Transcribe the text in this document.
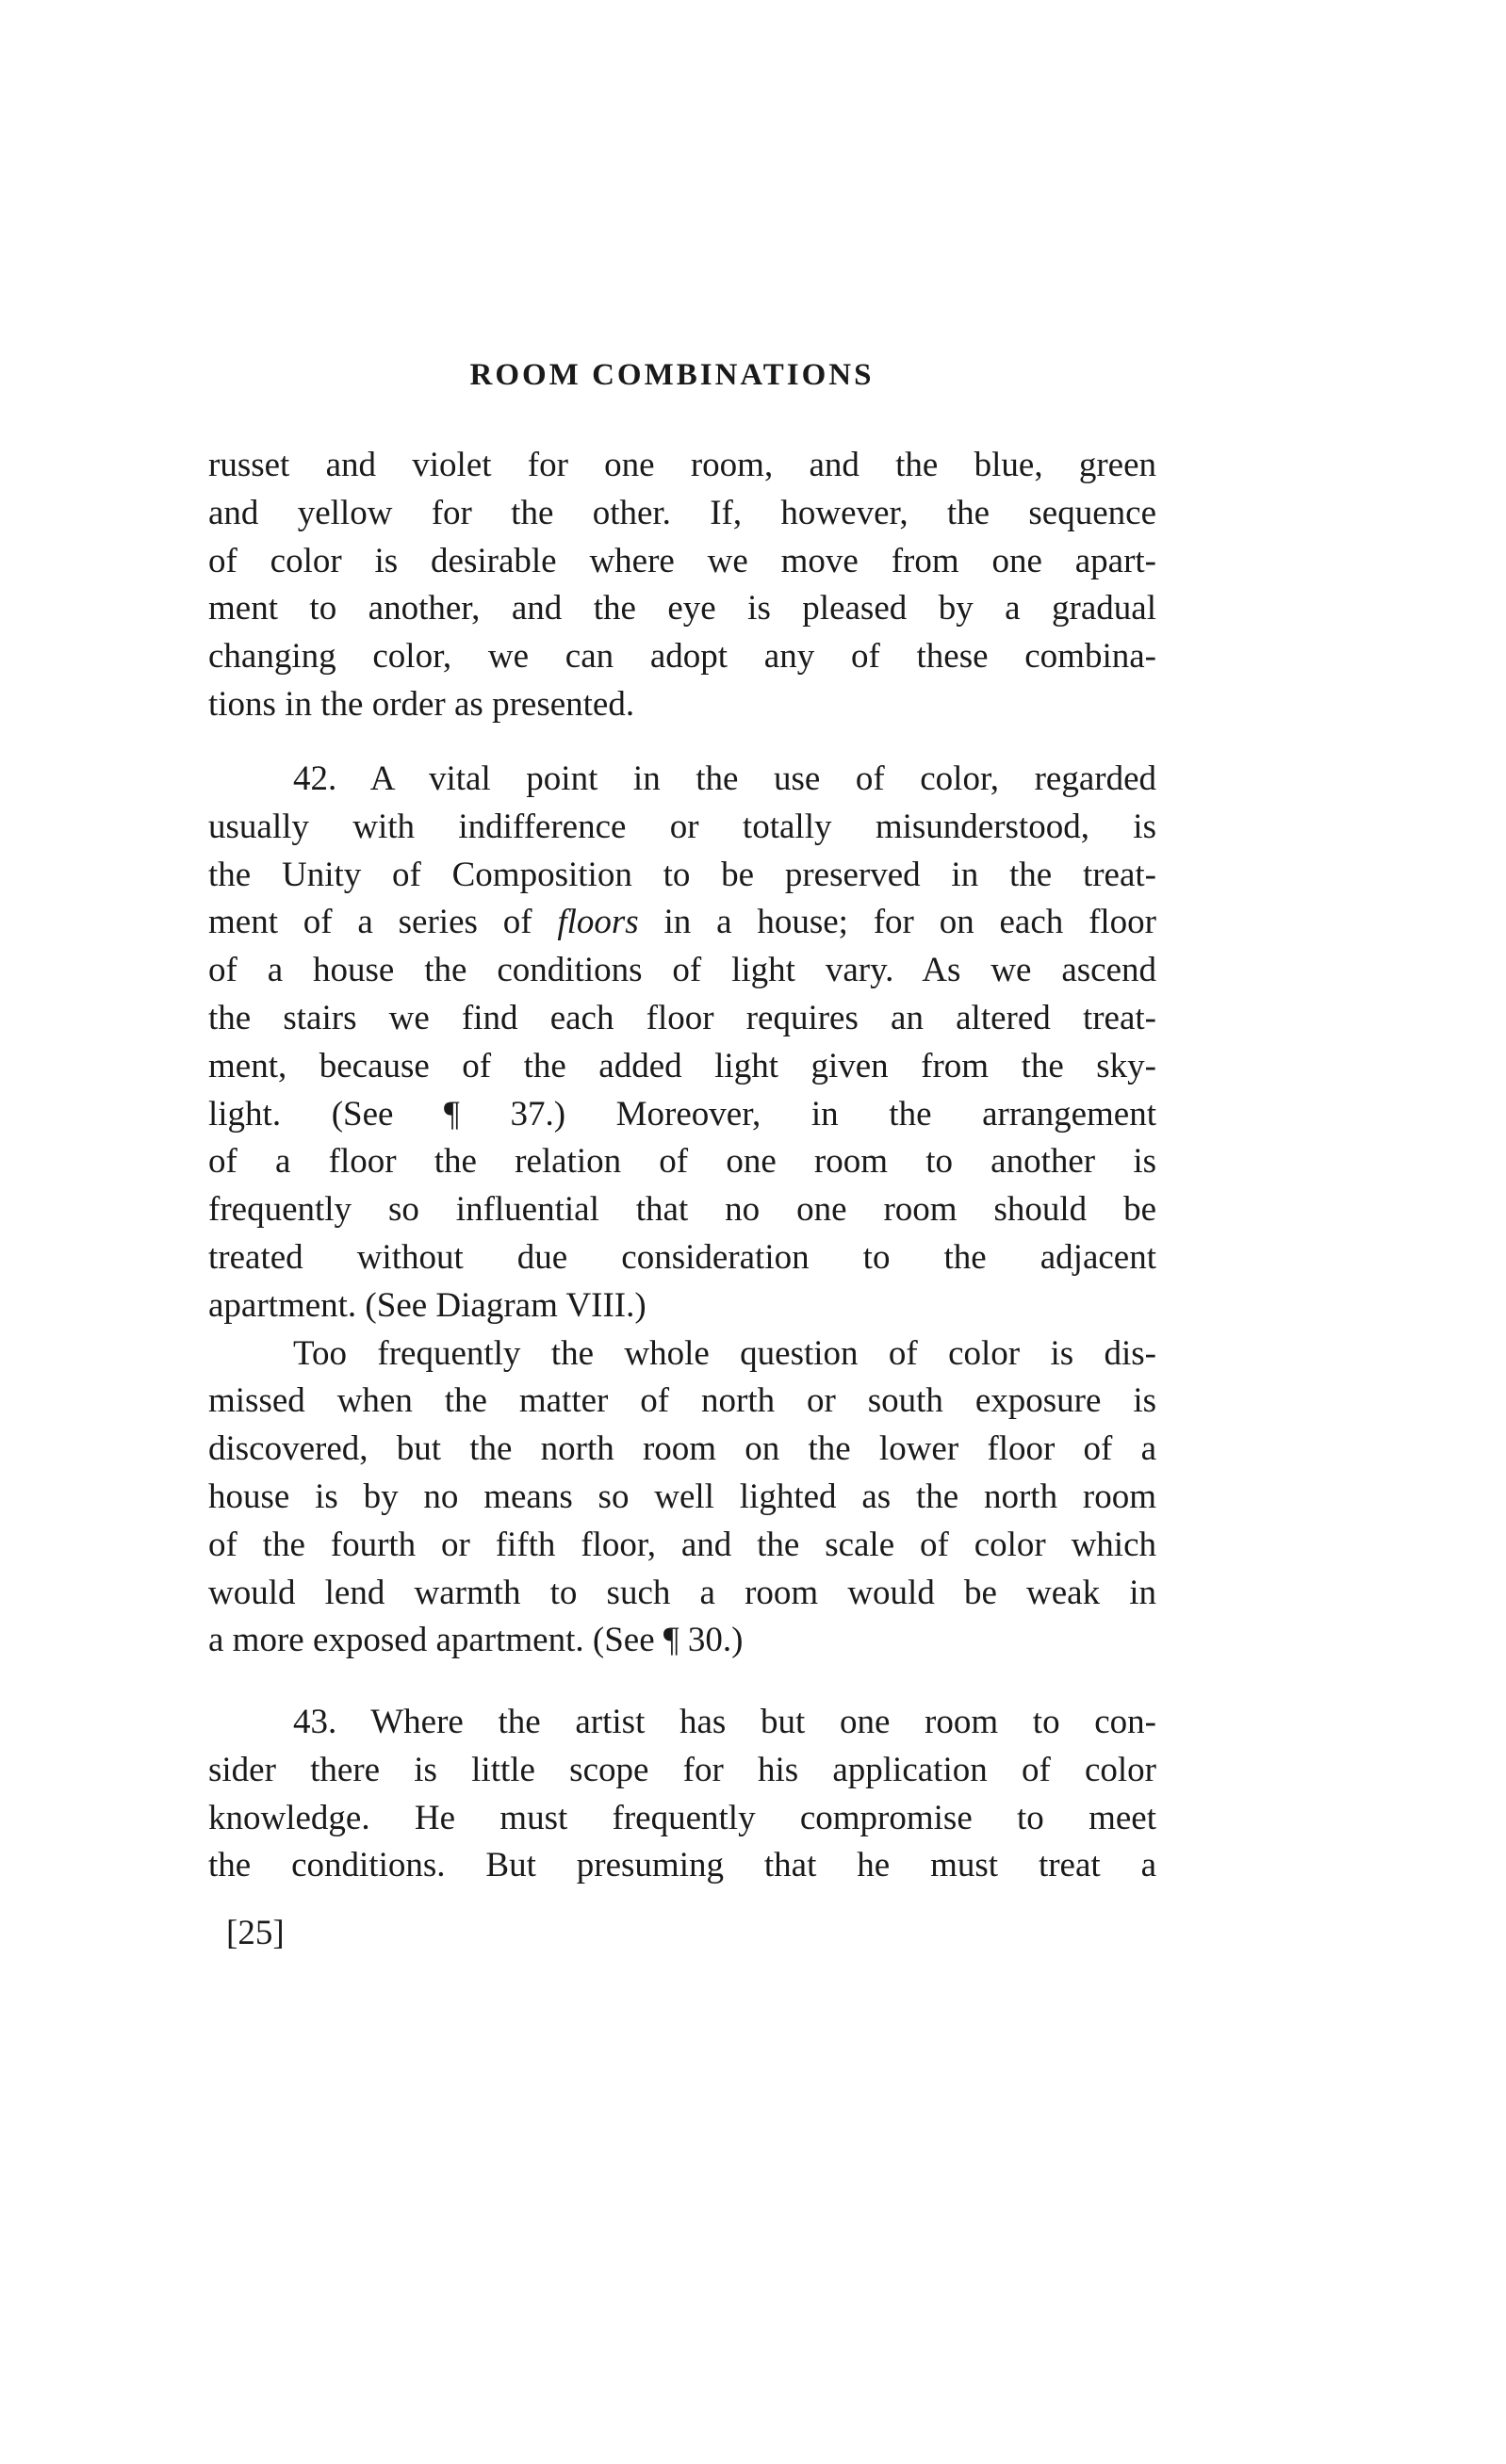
ROOM COMBINATIONS
russet and violet for one room, and the blue, green
and yellow for the other. If, however, the sequence
of color is desirable where we move from one apart-
ment to another, and the eye is pleased by a gradual
changing color, we can adopt any of these combina-
tions in the order as presented.
42. A vital point in the use of color, regarded
usually with indifference or totally misunderstood, is
the Unity of Composition to be preserved in the treat-
ment of a series of floors in a house; for on each floor
of a house the conditions of light vary. As we ascend
the stairs we find each floor requires an altered treat-
ment, because of the added light given from the sky-
light. (See ¶ 37.) Moreover, in the arrangement
of a floor the relation of one room to another is
frequently so influential that no one room should be
treated without due consideration to the adjacent
apartment. (See Diagram VIII.)
Too frequently the whole question of color is dis-
missed when the matter of north or south exposure is
discovered, but the north room on the lower floor of a
house is by no means so well lighted as the north room
of the fourth or fifth floor, and the scale of color which
would lend warmth to such a room would be weak in
a more exposed apartment. (See ¶ 30.)
43. Where the artist has but one room to con-
sider there is little scope for his application of color
knowledge. He must frequently compromise to meet
the conditions. But presuming that he must treat a
[25]
